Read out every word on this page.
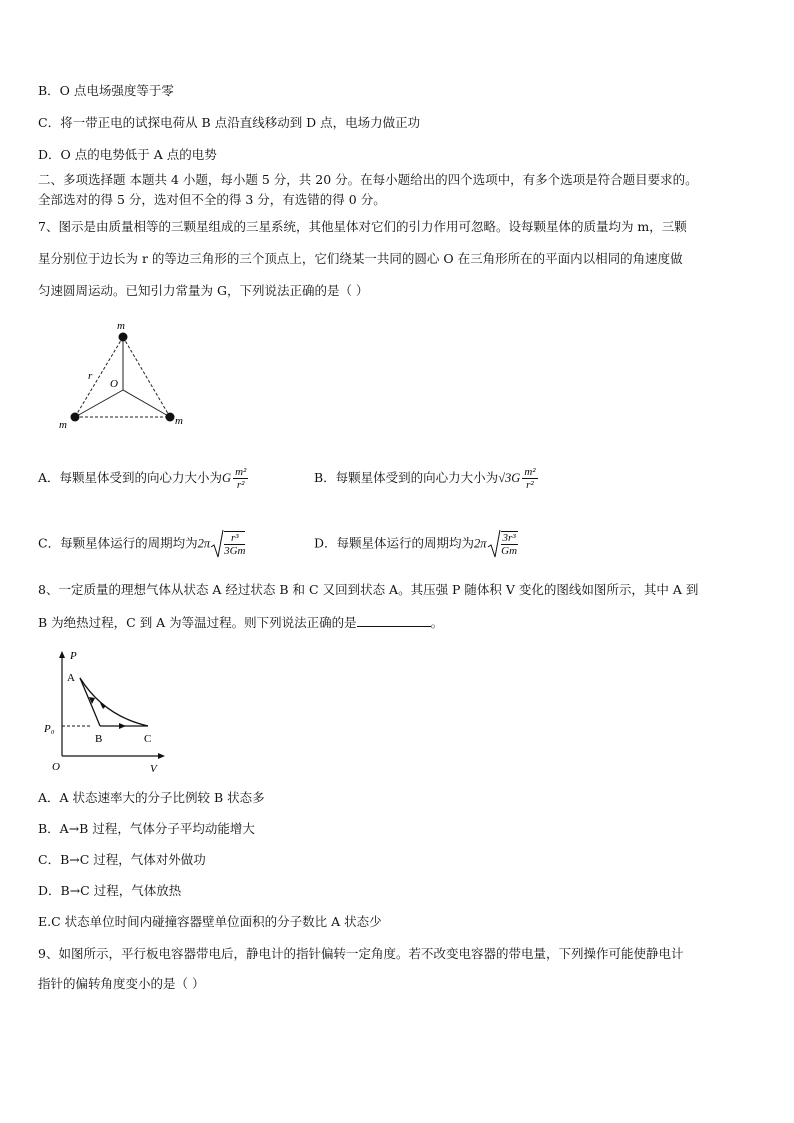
B．O 点电场强度等于零
C．将一带正电的试探电荷从 B 点沿直线移动到 D 点，电场力做正功
D．O 点的电势低于 A 点的电势
二、多项选择题 本题共 4 小题，每小题 5 分，共 20 分。在每小题给出的四个选项中，有多个选项是符合题目要求的。
全部选对的得 5 分，选对但不全的得 3 分，有选错的得 0 分。
7、图示是由质量相等的三颗星组成的三星系统，其他星体对它们的引力作用可忽略。设每颗星体的质量均为 m，三颗
星分别位于边长为 r 的等边三角形的三个顶点上，它们绕某一共同的圆心 O 在三角形所在的平面内以相同的角速度做
匀速圆周运动。已知引力常量为 G，下列说法正确的是（ ）
m
m	m
r
O
A．每颗星体受到的向心力大小为G $\frac{\text{m²}}{\text{r²}}$	B．每颗星体受到的向心力大小为$√3G \frac{\text{m²}}{\text{r²}}$
C．每颗星体运行的周期均为$2\pi \frac{\text{r³}}{3Gm}$	D．每颗星体运行的周期均为$2\pi \frac{\text{3r³}}{Gm}$
8、一定质量的理想气体从状态 A 经过状态 B 和 C 又回到状态 A。其压强 P 随体积 V 变化的图线如图所示，其中 A 到
B 为绝热过程，C 到 A 为等温过程。则下列说法正确的是	。
P
V
O
P₀
A
B	C
A．A 状态速率大的分子比例较 B 状态多
B．A→B 过程，气体分子平均动能增大
C．B→C 过程，气体对外做功
D．B→C 过程，气体放热
E.C 状态单位时间内碰撞容器壁单位面积的分子数比 A 状态少
9、如图所示，平行板电容器带电后，静电计的指针偏转一定角度。若不改变电容器的带电量，下列操作可能使静电计
指针的偏转角度变小的是（ ）
